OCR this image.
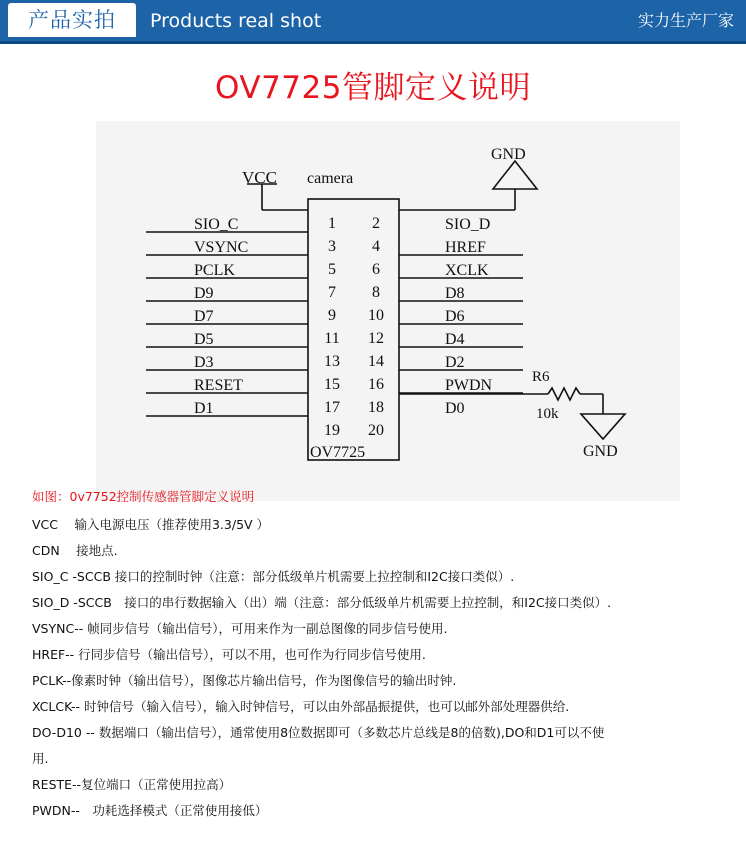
产品实拍	Products real shot	实力生产厂家
OV7725管脚定义说明
SIO_C	SIO_D
1 2
VSYNC	HREF
3 4
PCLK	XCLK
5 6
D9	D8
7 8
D7	D6
9 10
D5	D4
11 12
D3	D2
13 14
RESET	PWDN
15 16
D1	D0
17 18
19 20
VCC camera
GND
R6
10k
GND
OV7725
如图：0v7752控制传感器管脚定义说明
VCC　 输入电源电压（推荐使用3.3/5V ）
CDN　 接地点.
SIO_C -SCCB 接口的控制时钟（注意：部分低级单片机需要上拉控制和I2C接口类似）.
SIO_D -SCCB　接口的串行数据输入（出）端（注意：部分低级单片机需要上拉控制，和I2C接口类似）.
VSYNC-- 帧同步信号（输出信号），可用来作为一副总图像的同步信号使用.
HREF-- 行同步信号（输出信号），可以不用，也可作为行同步信号使用.
PCLK--像素时钟（输出信号），图像芯片输出信号，作为图像信号的输出时钟.
XCLCK-- 时钟信号（输入信号），输入时钟信号，可以由外部晶振提供，也可以邮外部处理器供给.
DO-D10 -- 数据端口（输出信号），通常使用8位数据即可（多数芯片总线是8的倍数),DO和D1可以不使
用.
RESTE--复位端口（正常使用拉高）
PWDN--　功耗选择模式（正常使用接低）
